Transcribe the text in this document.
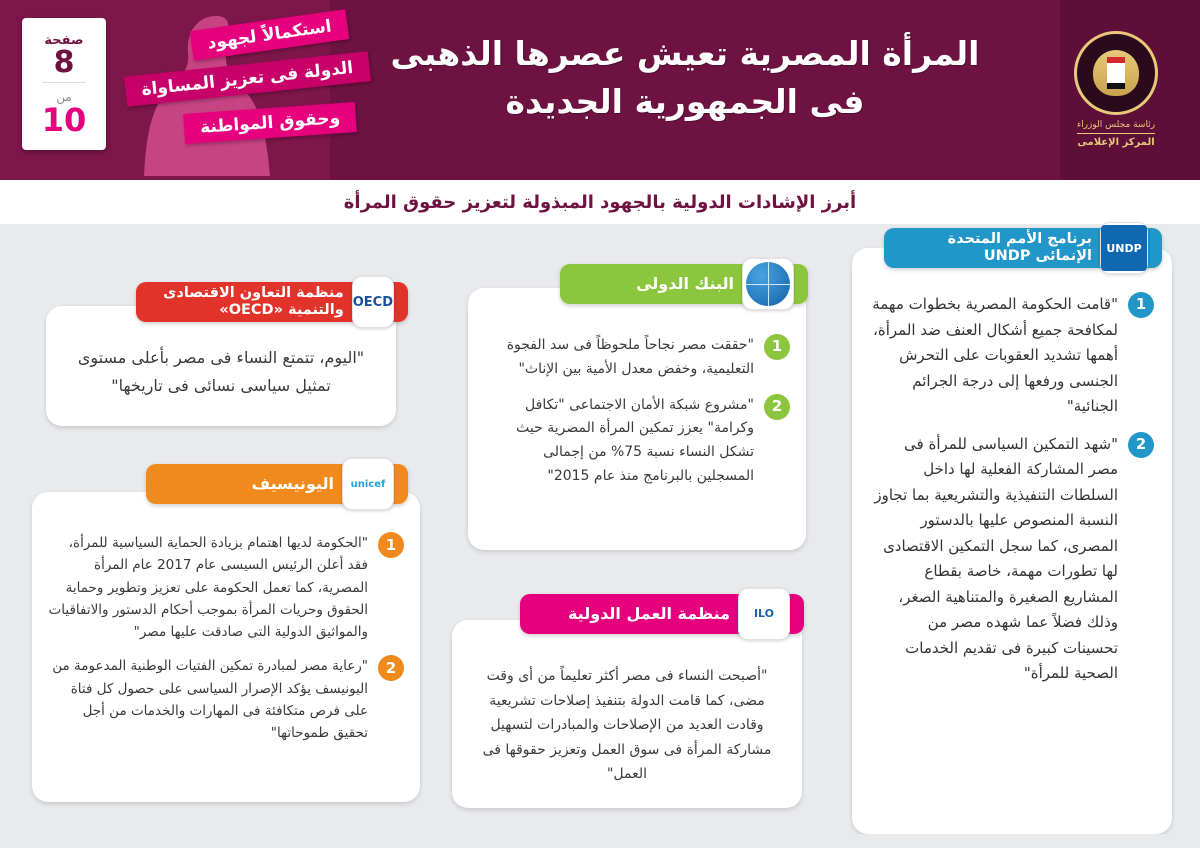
استكمالاً لجهود
الدولة فى تعزيز المساواة
وحقوق المواطنة
صفحة
8
من
10
المرأة المصرية تعيش عصرها الذهبى
فى الجمهورية الجديدة
رئاسة مجلس الوزراء
المركز الإعلامى
أبرز الإشادات الدولية بالجهود المبذولة لتعزيز حقوق المرأة
1

"قامت الحكومة المصرية بخطوات مهمة لمكافحة جميع أشكال العنف ضد المرأة، أهمها تشديد العقوبات على التحرش الجنسى ورفعها إلى درجة الجرائم الجنائية"

2

"شهد التمكين السياسى للمرأة فى مصر المشاركة الفعلية لها داخل السلطات التنفيذية والتشريعية بما تجاوز النسبة المنصوص عليها بالدستور المصرى، كما سجل التمكين الاقتصادى لها تطورات مهمة، خاصة بقطاع المشاريع الصغيرة والمتناهية الصغر، وذلك فضلاً عما شهده مصر من تحسينات كبيرة فى تقديم الخدمات الصحية للمرأة"

UNDP
برنامج الأمم المتحدة الإنمائى UNDP
"اليوم، تتمتع النساء فى مصر بأعلى مستوى تمثيل سياسى نسائى فى تاريخها"
OECD
منظمة التعاون الاقتصادى والتنمية «OECD»
1

"الحكومة لديها اهتمام بزيادة الحماية السياسية للمرأة، فقد أعلن الرئيس السيسى عام 2017 عام المرأة المصرية، كما تعمل الحكومة على تعزيز وتطوير وحماية الحقوق وحريات المرأة بموجب أحكام الدستور والاتفاقيات والمواثيق الدولية التى صادقت عليها مصر"

2

"رعاية مصر لمبادرة تمكين الفتيات الوطنية المدعومة من اليونيسف يؤكد الإصرار السياسى على حصول كل فتاة على فرص متكافئة فى المهارات والخدمات من أجل تحقيق طموحاتها"

unicef
اليونيسيف
1

"حققت مصر نجاحاً ملحوظاً فى سد الفجوة التعليمية، وخفض معدل الأمية بين الإناث"

2

"مشروع شبكة الأمان الاجتماعى "تكافل وكرامة" يعزز تمكين المرأة المصرية حيث تشكل النساء نسبة 75% من إجمالى المسجلين بالبرنامج منذ عام 2015"

البنك الدولى
"أصبحت النساء فى مصر أكثر تعليماً من أى وقت مضى، كما قامت الدولة بتنفيذ إصلاحات تشريعية وقادت العديد من الإصلاحات والمبادرات لتسهيل مشاركة المرأة فى سوق العمل وتعزيز حقوقها فى العمل"
ILO
منظمة العمل الدولية
